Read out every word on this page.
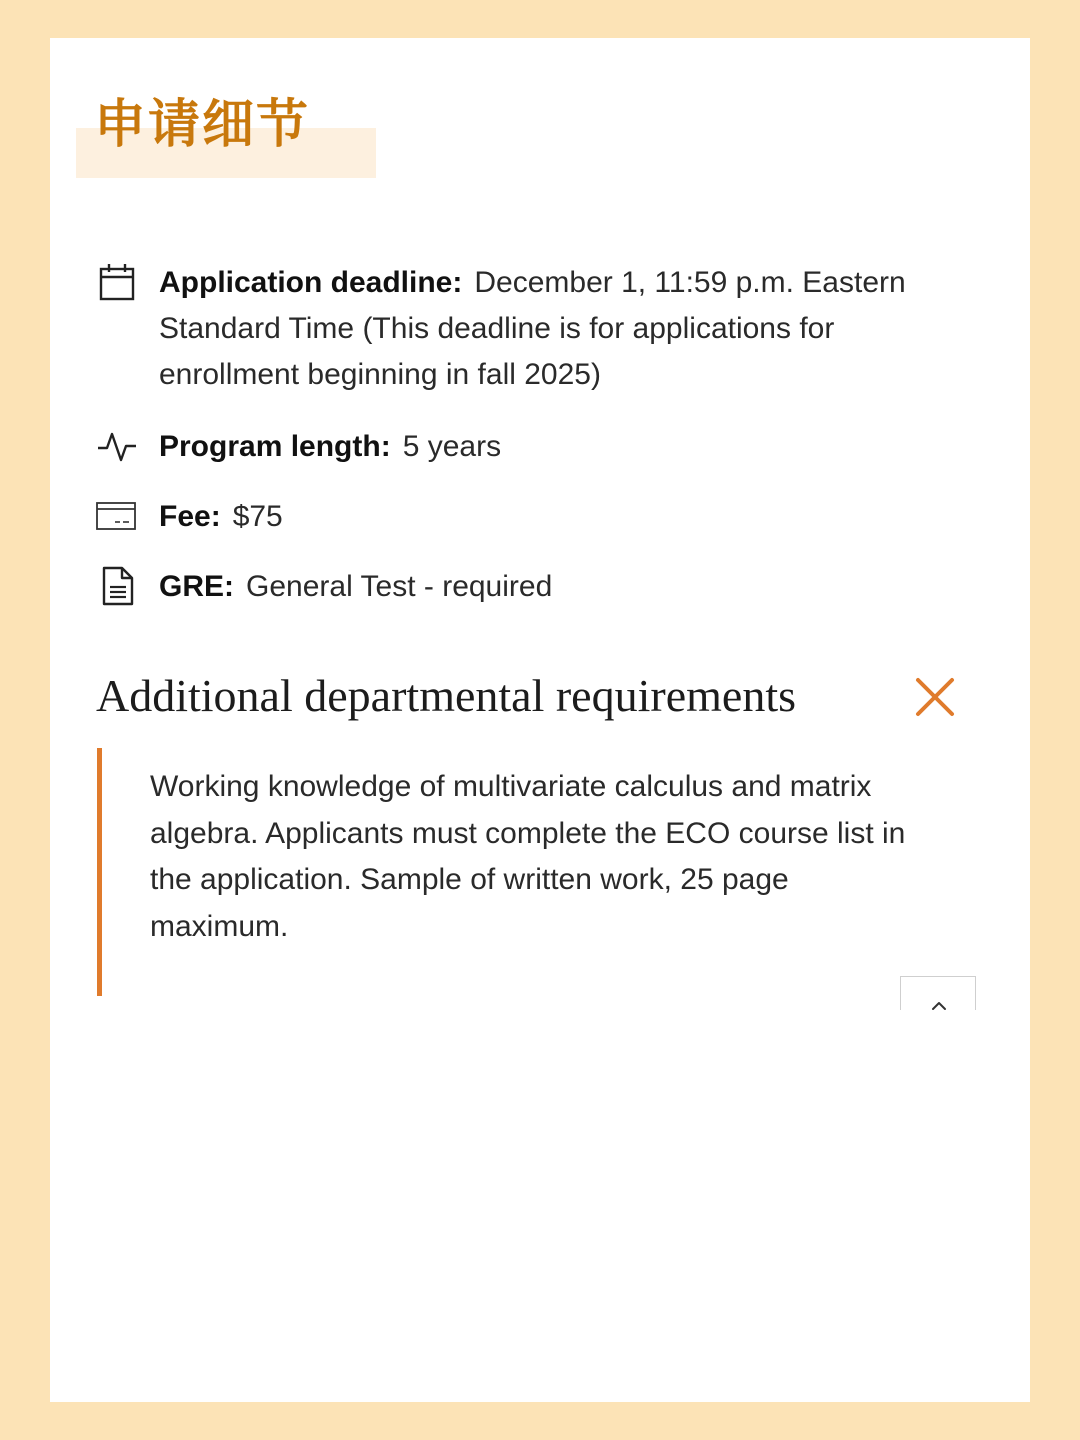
申请细节
Application deadline: December 1, 11:59 p.m. Eastern Standard Time (This deadline is for applications for enrollment beginning in fall 2025)
Program length: 5 years
Fee: $75
GRE: General Test - required
Additional departmental requirements
Working knowledge of multivariate calculus and matrix algebra. Applicants must complete the ECO course list in the application. Sample of written work, 25 page maximum.
